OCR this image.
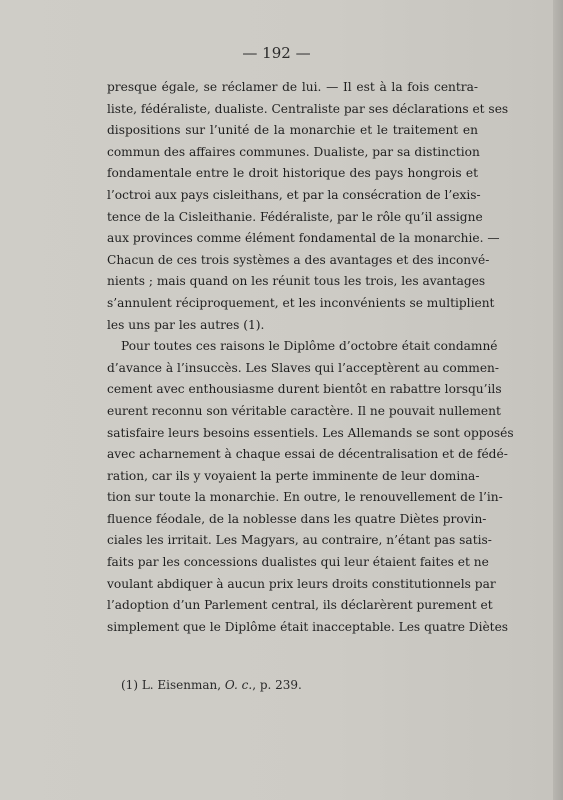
— 192 —
presque égale, se réclamer de lui. — Il est à la fois centra-
liste, fédéraliste, dualiste. Centraliste par ses déclarations et ses
dispositions sur l’unité de la monarchie et le traitement en
commun des affaires communes. Dualiste, par sa distinction
fondamentale entre le droit historique des pays hongrois et
l’octroi aux pays cisleithans, et par la consécration de l’exis-
tence de la Cisleithanie. Fédéraliste, par le rôle qu’il assigne
aux provinces comme élément fondamental de la monarchie. —
Chacun de ces trois systèmes a des avantages et des inconvé-
nients ; mais quand on les réunit tous les trois, les avantages
s’annulent réciproquement, et les inconvénients se multiplient
les uns par les autres (1).
Pour toutes ces raisons le Diplôme d’octobre était condamné
d’avance à l’insuccès. Les Slaves qui l’acceptèrent au commen-
cement avec enthousiasme durent bientôt en rabattre lorsqu’ils
eurent reconnu son véritable caractère. Il ne pouvait nullement
satisfaire leurs besoins essentiels. Les Allemands se sont opposés
avec acharnement à chaque essai de décentralisation et de fédé-
ration, car ils y voyaient la perte imminente de leur domina-
tion sur toute la monarchie. En outre, le renouvellement de l’in-
fluence féodale, de la noblesse dans les quatre Diètes provin-
ciales les irritait. Les Magyars, au contraire, n’étant pas satis-
faits par les concessions dualistes qui leur étaient faites et ne
voulant abdiquer à aucun prix leurs droits constitutionnels par
l’adoption d’un Parlement central, ils déclarèrent purement et
simplement que le Diplôme était inacceptable. Les quatre Diètes
(1) L. Eisenman, O. c., p. 239.
